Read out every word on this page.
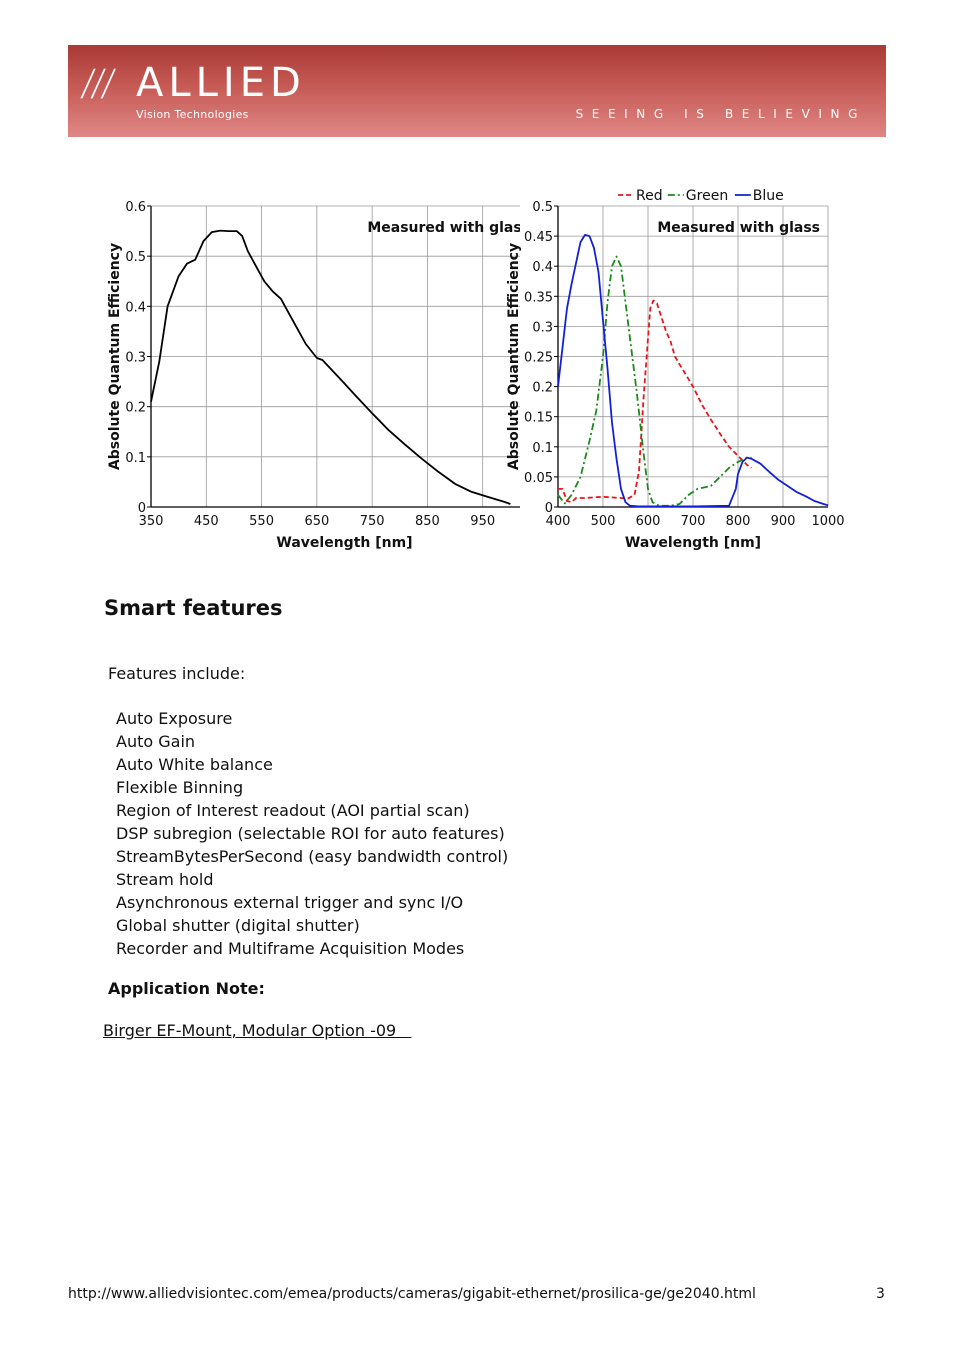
/// ALLIED
Vision Technologies	SEEING IS BELIEVING
350 450 550 650 750 850 950
0
0.1
0.2
0.3
0.4
0.5
0.6
Measured with glass
Wavelength [nm]
Absolute Quantum Efficiency
400 500 600 700 800 900 1000
0
0.05
0.1
0.15
0.2
0.25
0.3
0.35
0.4
0.45
0.5
Measured with glass
Wavelength [nm]
Absolute Quantum Efficiency
Red Green Blue
Smart features
Features include:
Auto Exposure
Auto Gain
Auto White balance
Flexible Binning
Region of Interest readout (AOI partial scan)
DSP subregion (selectable ROI for auto features)
StreamBytesPerSecond (easy bandwidth control)
Stream hold
Asynchronous external trigger and sync I/O
Global shutter (digital shutter)
Recorder and Multiframe Acquisition Modes
Application Note:
Birger EF-Mount, Modular Option -09
http://www.alliedvisiontec.com/emea/products/cameras/gigabit-ethernet/prosilica-ge/ge2040.html	3
